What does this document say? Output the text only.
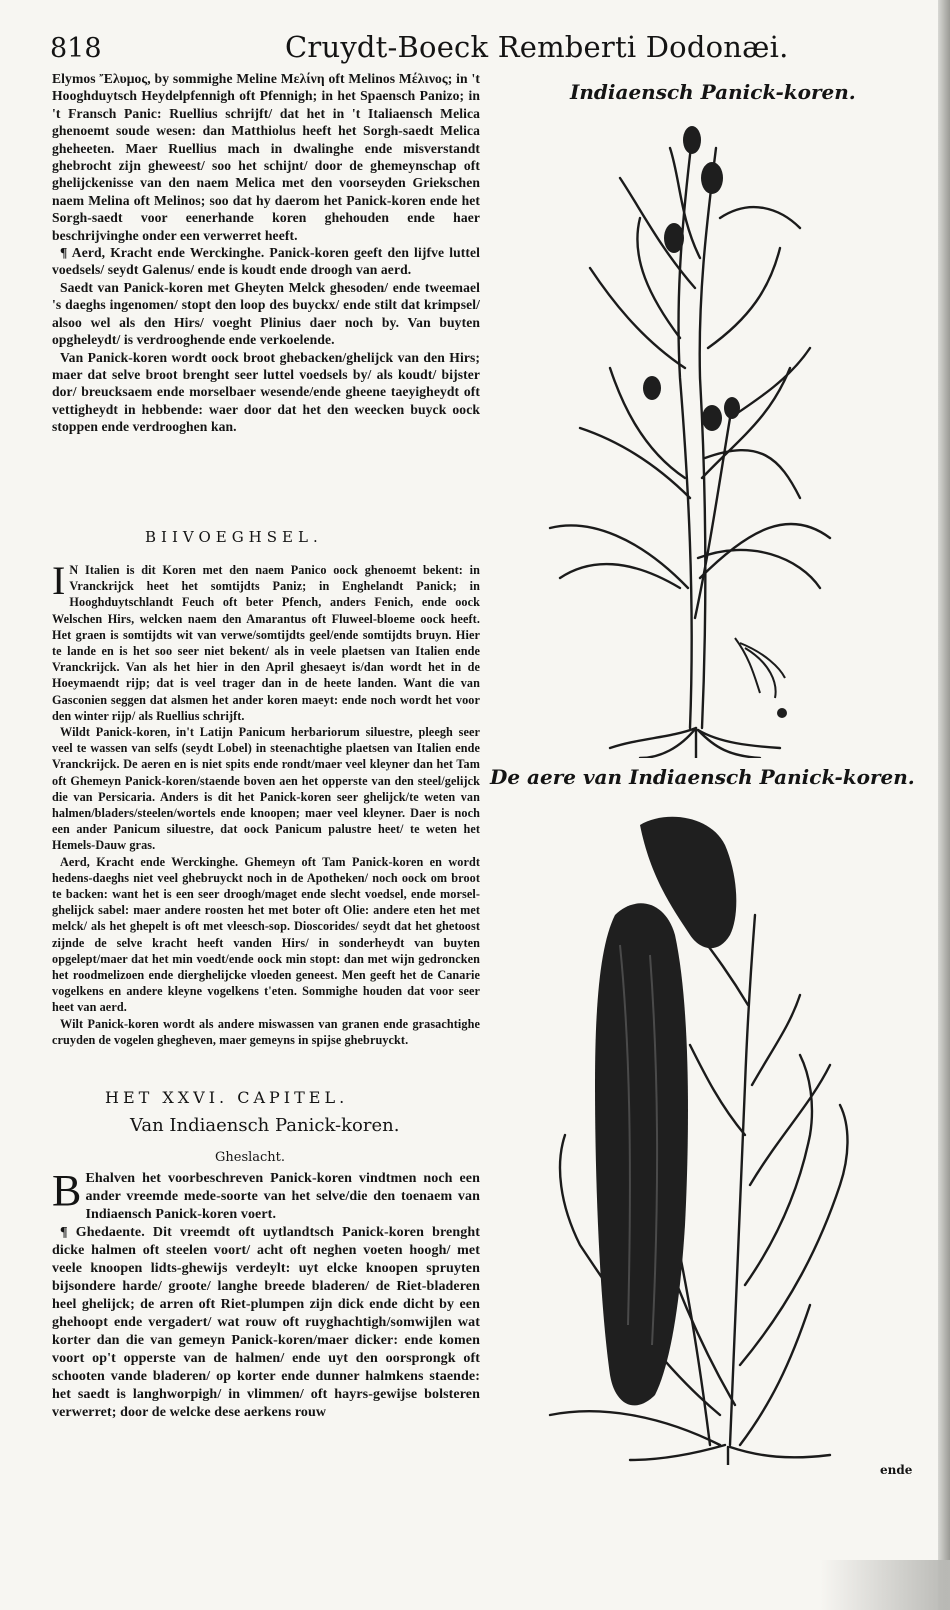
818	Cruydt-Boeck Remberti Dodonæi.

Elymos Ἔλυμος, by sommighe Meline Μελίνη oft Melinos Μέλινος; in 't Hooghduytsch Heydelpfennigh oft Pfennigh; in het Spaensch Panizo; in 't Fransch Panic: Ruellius schrijft/ dat het in 't Italiaensch Melica ghenoemt soude wesen: dan Matthiolus heeft het Sorgh-saedt Melica gheheeten. Maer Ruellius mach in dwalinghe ende misverstandt ghebrocht zijn gheweest/ soo het schijnt/ door de ghemeynschap oft ghelijckenisse van den naem Melica met den voorseyden Griekschen naem Melina oft Melinos; soo dat hy daerom het Panick-koren ende het Sorgh-saedt voor eenerhande koren ghehouden ende haer beschrijvinghe onder een verwerret heeft.

¶ Aerd, Kracht ende Werckinghe. Panick-koren geeft den lijfve luttel voedsels/ seydt Galenus/ ende is koudt ende droogh van aerd.

Saedt van Panick-koren met Gheyten Melck ghesoden/ ende tweemael 's daeghs ingenomen/ stopt den loop des buyckx/ ende stilt dat krimpsel/ alsoo wel als den Hirs/ voeght Plinius daer noch by. Van buyten opgheleydt/ is verdrooghende ende verkoelende.

Van Panick-koren wordt oock broot ghebacken/ghelijck van den Hirs; maer dat selve broot brenght seer luttel voedsels by/ als koudt/ bijster dor/ breucksaem ende morselbaer wesende/ende gheene taeyigheydt oft vettigheydt in hebbende: waer door dat het den weecken buyck oock stoppen ende verdrooghen kan.

BIIVOEGHSEL.

I N Italien is dit Koren met den naem Panico oock ghenoemt bekent: in Vranckrijck heet het somtijdts Paniz; in Enghelandt Panick; in Hooghduytschlandt Feuch oft beter Pfench, anders Fenich, ende oock Welschen Hirs, welcken naem den Amarantus oft Fluweel-bloeme oock heeft. Het graen is somtijdts wit van verwe/somtijdts geel/ende somtijdts bruyn. Hier te lande en is het soo seer niet bekent/ als in veele plaetsen van Italien ende Vranckrijck. Van als het hier in den April ghesaeyt is/dan wordt het in de Hoeymaendt rijp; dat is veel trager dan in de heete landen. Want die van Gasconien seggen dat alsmen het ander koren maeyt: ende noch wordt het voor den winter rijp/ als Ruellius schrijft.

Wildt Panick-koren, in't Latijn Panicum herbariorum siluestre, pleegh seer veel te wassen van selfs (seydt Lobel) in steenachtighe plaetsen van Italien ende Vranckrijck. De aeren en is niet spits ende rondt/maer veel kleyner dan het Tam oft Ghemeyn Panick-koren/staende boven aen het opperste van den steel/gelijck die van Persicaria. Anders is dit het Panick-koren seer ghelijck/te weten van halmen/bladers/steelen/wortels ende knoopen; maer veel kleyner. Daer is noch een ander Panicum siluestre, dat oock Panicum palustre heet/ te weten het Hemels-Dauw gras.

Aerd, Kracht ende Werckinghe. Ghemeyn oft Tam Panick-koren en wordt hedens-daeghs niet veel ghebruyckt noch in de Apotheken/ noch oock om broot te backen: want het is een seer droogh/maget ende slecht voedsel, ende morsel-ghelijck sabel: maer andere roosten het met boter oft Olie: andere eten het met melck/ als het ghepelt is oft met vleesch-sop. Dioscorides/ seydt dat het ghetoost zijnde de selve kracht heeft vanden Hirs/ in sonderheydt van buyten opgelept/maer dat het min voedt/ende oock min stopt: dan met wijn gedroncken het roodmelizoen ende dierghelijcke vloeden geneest. Men geeft het de Canarie vogelkens en andere kleyne vogelkens t'eten. Sommighe houden dat voor seer heet van aerd.

Wilt Panick-koren wordt als andere miswassen van granen ende grasachtighe cruyden de vogelen ghegheven, maer gemeyns in spijse ghebruyckt.

HET XXVI. CAPITEL.
Van Indiaensch Panick-koren.
Gheslacht.

B Ehalven het voorbeschreven Panick-koren vindtmen noch een ander vreemde mede-soorte van het selve/die den toenaem van Indiaensch Panick-koren voert.

¶ Ghedaente. Dit vreemdt oft uytlandtsch Panick-koren brenght dicke halmen oft steelen voort/ acht oft neghen voeten hoogh/ met veele knoopen lidts-ghewijs verdeylt: uyt elcke knoopen spruyten bijsondere harde/ groote/ langhe breede bladeren/ de Riet-bladeren heel ghelijck; de arren oft Riet-plumpen zijn dick ende dicht by een ghehoopt ende vergadert/ wat rouw oft ruyghachtigh/somwijlen wat korter dan die van gemeyn Panick-koren/maer dicker: ende komen voort op't opperste van de halmen/ ende uyt den oorsprongk oft schooten vande bladeren/ op korter ende dunner halmkens staende: het saedt is langhworpigh/ in vlimmen/ oft hayrs-gewijse bolsteren verwerret; door de welcke dese aerkens rouw

Indiaensch Panick-koren.
De aere van Indiaensch Panick-koren.
ende
